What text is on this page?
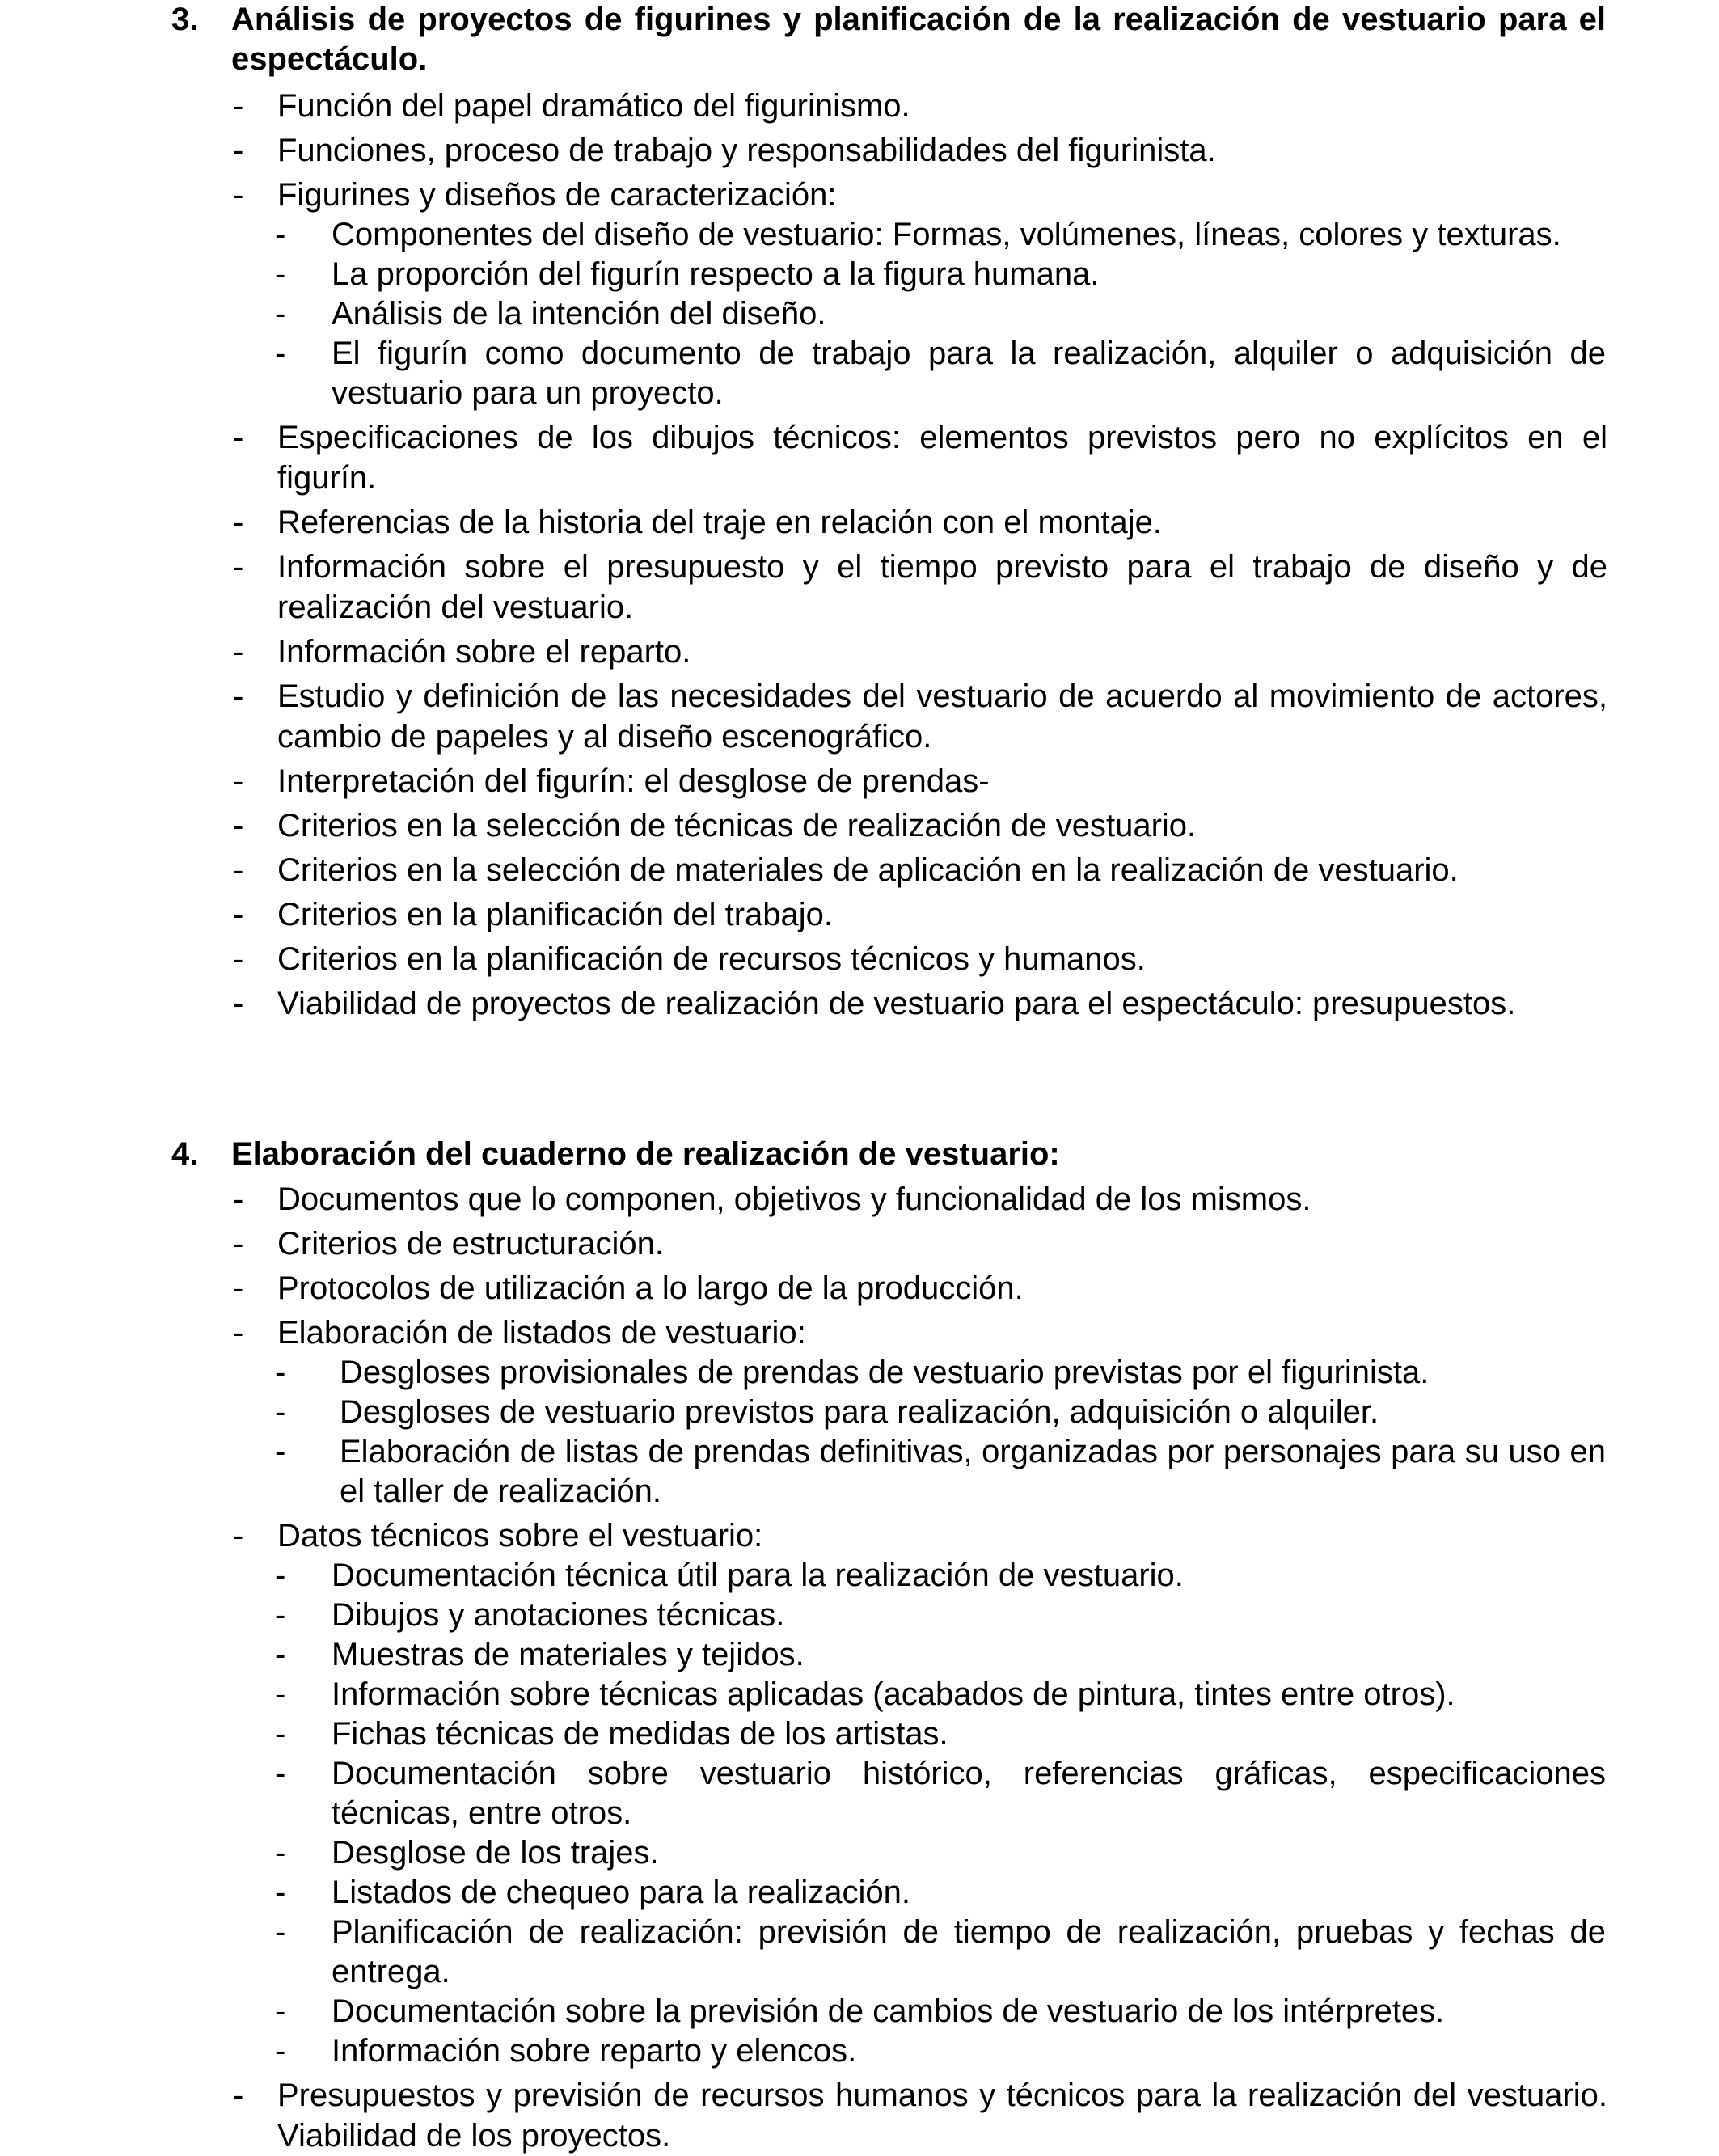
3. Análisis de proyectos de figurines y planificación de la realización de vestuario para el espectáculo.
- Función del papel dramático del figurinismo.
- Funciones, proceso de trabajo y responsabilidades del figurinista.
- Figurines y diseños de caracterización:
- Componentes del diseño de vestuario: Formas, volúmenes, líneas, colores y texturas.
- La proporción del figurín respecto a la figura humana.
- Análisis de la intención del diseño.
- El figurín como documento de trabajo para la realización, alquiler o adquisición de vestuario para un proyecto.
- Especificaciones de los dibujos técnicos: elementos previstos pero no explícitos en el figurín.
- Referencias de la historia del traje en relación con el montaje.
- Información sobre el presupuesto y el tiempo previsto para el trabajo de diseño y de realización del vestuario.
- Información sobre el reparto.
- Estudio y definición de las necesidades del vestuario de acuerdo al movimiento de actores, cambio de papeles y al diseño escenográfico.
- Interpretación del figurín: el desglose de prendas-
- Criterios en la selección de técnicas de realización de vestuario.
- Criterios en la selección de materiales de aplicación en la realización de vestuario.
- Criterios en la planificación del trabajo.
- Criterios en la planificación de recursos técnicos y humanos.
- Viabilidad de proyectos de realización de vestuario para el espectáculo: presupuestos.
4. Elaboración del cuaderno de realización de vestuario:
- Documentos que lo componen, objetivos y funcionalidad de los mismos.
- Criterios de estructuración.
- Protocolos de utilización a lo largo de la producción.
- Elaboración de listados de vestuario:
- Desgloses provisionales de prendas de vestuario previstas por el figurinista.
- Desgloses de vestuario previstos para realización, adquisición o alquiler.
- Elaboración de listas de prendas definitivas, organizadas por personajes para su uso en el taller de realización.
- Datos técnicos sobre el vestuario:
- Documentación técnica útil para la realización de vestuario.
- Dibujos y anotaciones técnicas.
- Muestras de materiales y tejidos.
- Información sobre técnicas aplicadas (acabados de pintura, tintes entre otros).
- Fichas técnicas de medidas de los artistas.
- Documentación sobre vestuario histórico, referencias gráficas, especificaciones técnicas, entre otros.
- Desglose de los trajes.
- Listados de chequeo para la realización.
- Planificación de realización: previsión de tiempo de realización, pruebas y fechas de entrega.
- Documentación sobre la previsión de cambios de vestuario de los intérpretes.
- Información sobre reparto y elencos.
- Presupuestos y previsión de recursos humanos y técnicos para la realización del vestuario. Viabilidad de los proyectos.
